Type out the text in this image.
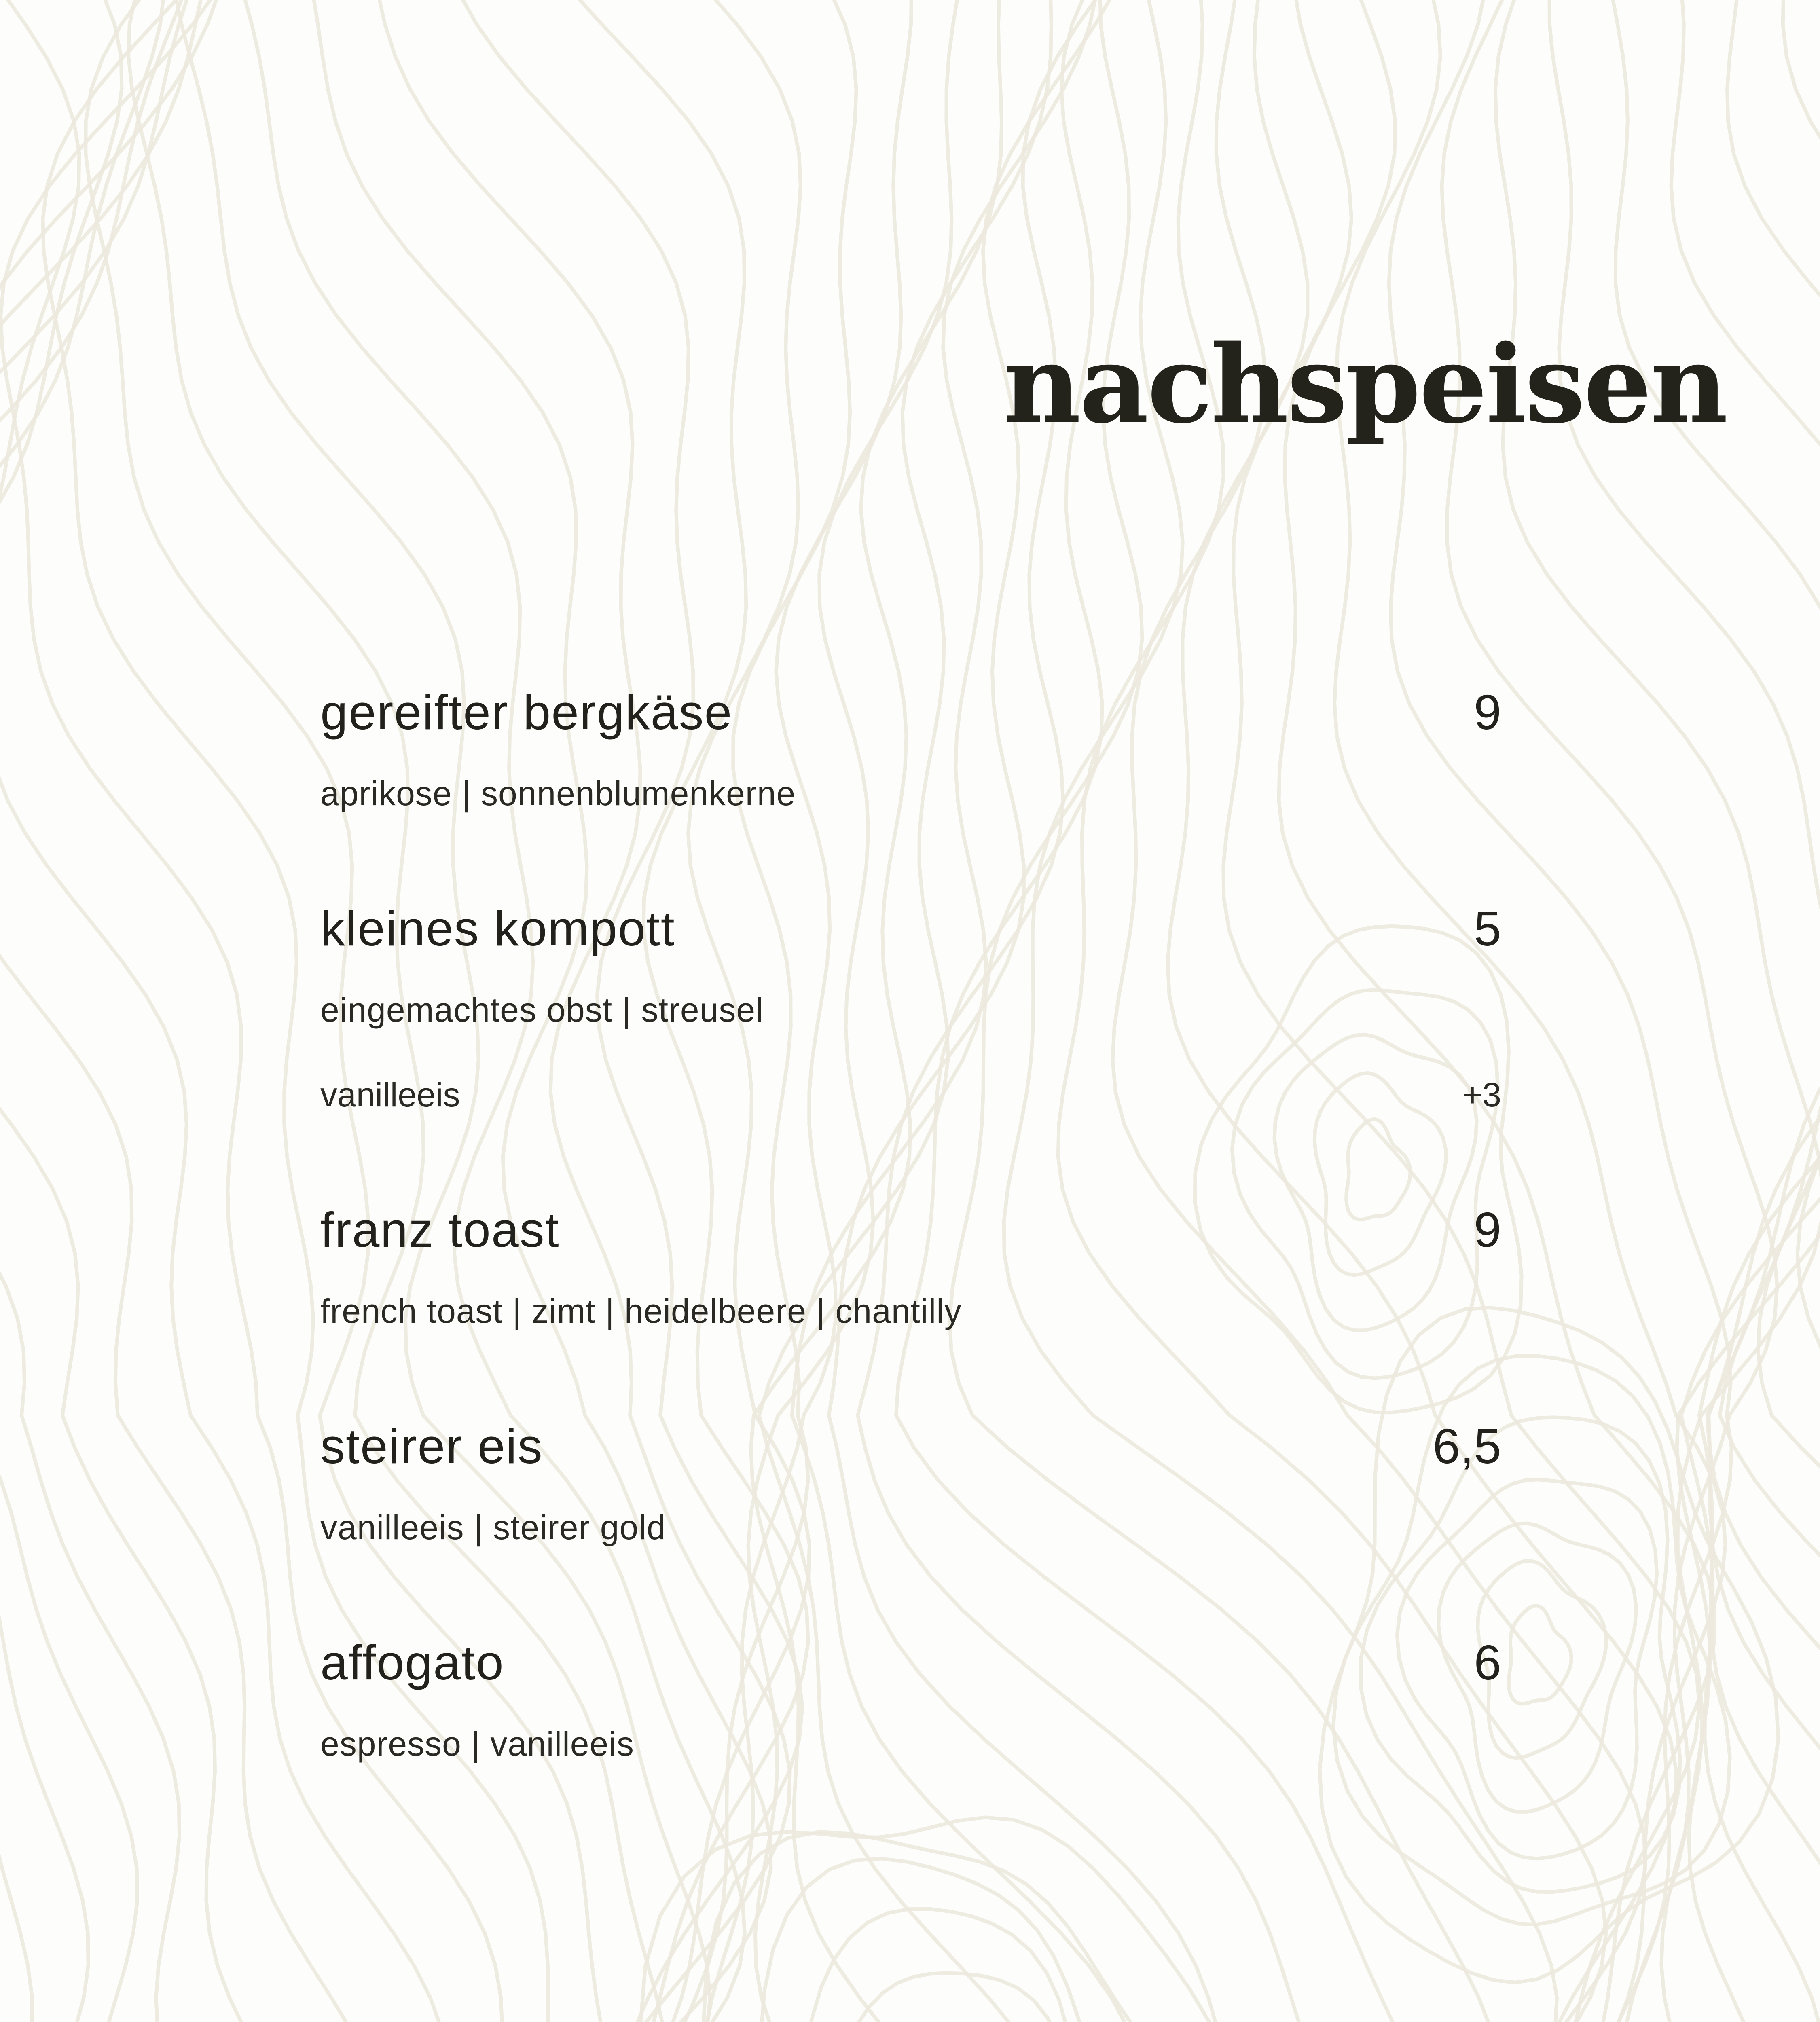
nachspeisen
gereifter bergkäse	9
aprikose | sonnenblumenkerne
kleines kompott	5
eingemachtes obst | streusel
vanilleeis	+3
franz toast	9
french toast | zimt | heidelbeere | chantilly
steirer eis	6,5
vanilleeis | steirer gold
affogato	6
espresso | vanilleeis
